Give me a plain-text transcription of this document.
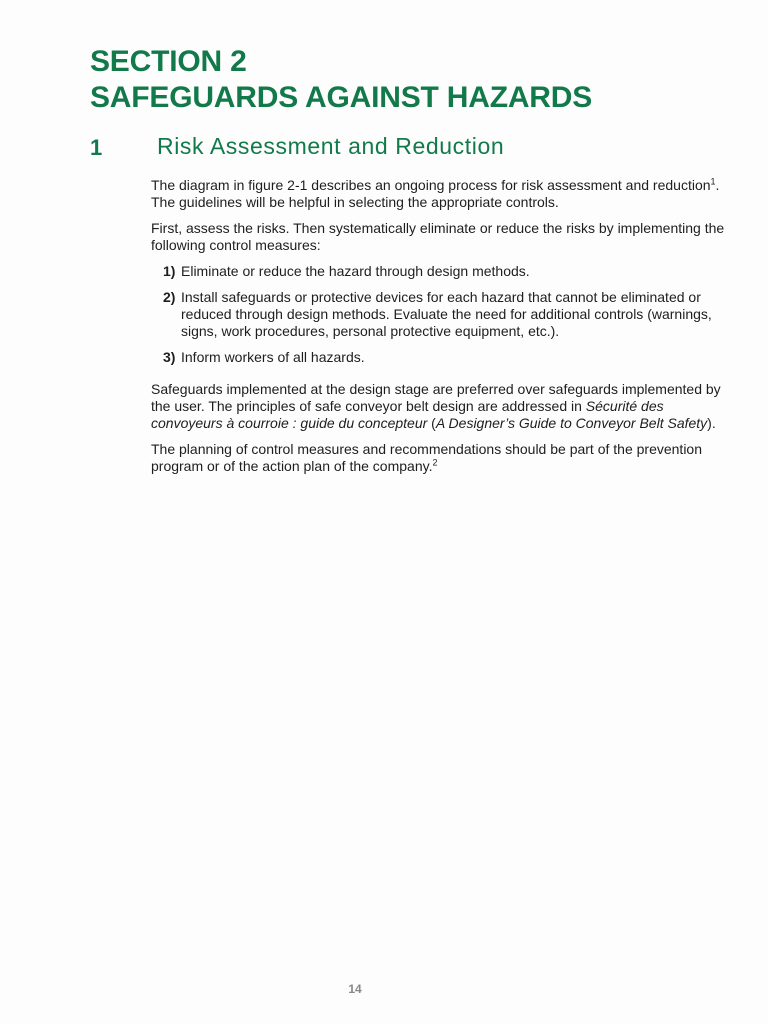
SECTION 2
SAFEGUARDS AGAINST HAZARDS
1 Risk Assessment and Reduction

The diagram in figure 2-1 describes an ongoing process for risk assessment and reduction$^1$. The guidelines will be helpful in selecting the appropriate controls.

First, assess the risks. Then systematically eliminate or reduce the risks by implementing the following control measures:

1) Eliminate or reduce the hazard through design methods.
2) Install safeguards or protective devices for each hazard that cannot be eliminated or reduced through design methods. Evaluate the need for additional controls (warnings, signs, work procedures, personal protective equipment, etc.).
3) Inform workers of all hazards.

Safeguards implemented at the design stage are preferred over safeguards implemented by the user. The principles of safe conveyor belt design are addressed in Sécurité des convoyeurs à courroie : guide du concepteur (A Designer’s Guide to Conveyor Belt Safety).

The planning of control measures and recommendations should be part of the prevention program or of the action plan of the company.$^2$

14
